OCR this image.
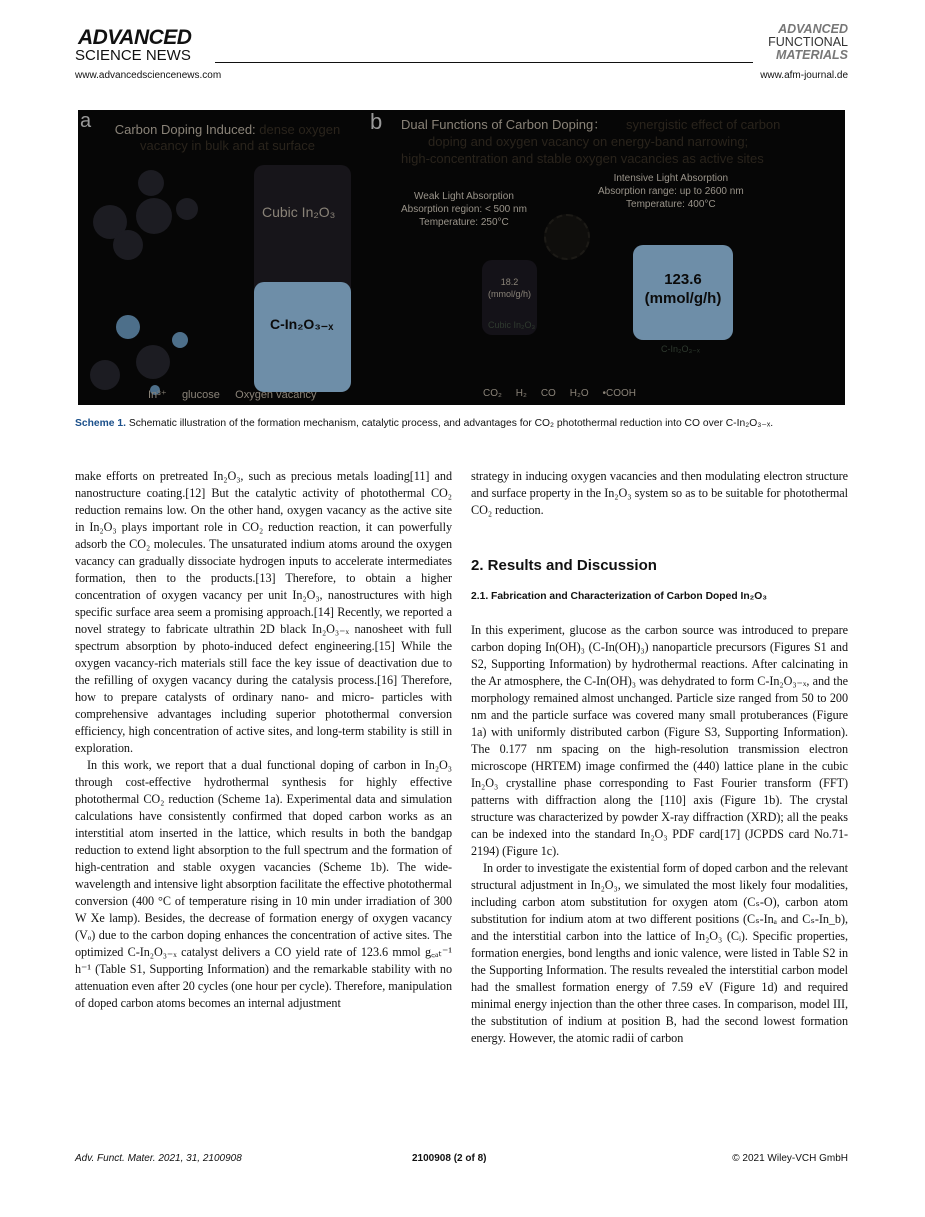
ADVANCED
SCIENCE NEWS
ADVANCED
FUNCTIONAL
MATERIALS
www.advancedsciencenews.com	www.afm-journal.de
a	Carbon Doping Induced: dense oxygen vacancy in bulk and at surface
Cubic In₂O₃
C-In₂O₃₋ₓ
In³⁺ glucose Oxygen vacancy
b Dual Functions of Carbon Doping： synergistic effect of carbon
doping and oxygen vacancy on energy-band narrowing;
high-concentration and stable oxygen vacancies as active sites
Weak Light Absorption
Absorption region: < 500 nm
Temperature: 250°C
Intensive Light Absorption
Absorption range: up to 2600 nm
Temperature: 400°C
18.2
(mmol/g/h)
Cubic In₂O₃
123.6
(mmol/g/h)
C-In₂O₃₋ₓ
CO₂ H₂ CO H₂O •COOH
Scheme 1. Schematic illustration of the formation mechanism, catalytic process, and advantages for CO₂ photothermal reduction into CO over C-In₂O₃₋ₓ.

make efforts on pretreated In₂O₃, such as precious metals loading[11] and nanostructure coating.[12] But the catalytic activity of photothermal CO₂ reduction remains low. On the other hand, oxygen vacancy as the active site in In₂O₃ plays important role in CO₂ reduction reaction, it can powerfully adsorb the CO₂ molecules. The unsaturated indium atoms around the oxygen vacancy can gradually dissociate hydrogen inputs to accelerate intermediates formation, then to the products.[13] Therefore, to obtain a higher concentration of oxygen vacancy per unit In₂O₃, nanostructures with high specific surface area seem a promising approach.[14] Recently, we reported a novel strategy to fabricate ultrathin 2D black In₂O₃₋ₓ nanosheet with full spectrum absorption by photo-induced defect engineering.[15] While the oxygen vacancy-rich materials still face the key issue of deactivation due to the refilling of oxygen vacancy during the catalysis process.[16] Therefore, how to prepare catalysts of ordinary nano- and micro- particles with comprehensive advantages including superior photothermal conversion efficiency, high concentration of active sites, and long-term stability is still in exploration.

In this work, we report that a dual functional doping of carbon in In₂O₃ through cost-effective hydrothermal synthesis for highly effective photothermal CO₂ reduction (Scheme 1a). Experimental data and simulation calculations have consistently confirmed that doped carbon works as an interstitial atom inserted in the lattice, which results in both the bandgap reduction to extend light absorption to the full spectrum and the formation of high-centration and stable oxygen vacancies (Scheme 1b). The wide-wavelength and intensive light absorption facilitate the effective photothermal conversion (400 °C of temperature rising in 10 min under irradiation of 300 W Xe lamp). Besides, the decrease of formation energy of oxygen vacancy (Vₒ) due to the carbon doping enhances the concentration of active sites. The optimized C-In₂O₃₋ₓ catalyst delivers a CO yield rate of 123.6 mmol g꜀ₐₜ⁻¹ h⁻¹ (Table S1, Supporting Information) and the remarkable stability with no attenuation even after 20 cycles (one hour per cycle). Therefore, manipulation of doped carbon atoms becomes an internal adjustment

strategy in inducing oxygen vacancies and then modulating electron structure and surface property in the In₂O₃ system so as to be suitable for photothermal CO₂ reduction.

2. Results and Discussion
2.1. Fabrication and Characterization of Carbon Doped In₂O₃

In this experiment, glucose as the carbon source was introduced to prepare carbon doping In(OH)₃ (C-In(OH)₃) nanoparticle precursors (Figures S1 and S2, Supporting Information) by hydrothermal reactions. After calcinating in the Ar atmosphere, the C-In(OH)₃ was dehydrated to form C-In₂O₃₋ₓ, and the morphology remained almost unchanged. Particle size ranged from 50 to 200 nm and the particle surface was covered many small protuberances (Figure 1a) with uniformly distributed carbon (Figure S3, Supporting Information). The 0.177 nm spacing on the high-resolution transmission electron microscope (HRTEM) image confirmed the (440) lattice plane in the cubic In₂O₃ crystalline phase corresponding to Fast Fourier transform (FFT) patterns with diffraction along the [110] axis (Figure 1b). The crystal structure was characterized by powder X-ray diffraction (XRD); all the peaks can be indexed into the standard In₂O₃ PDF card[17] (JCPDS card No.71-2194) (Figure 1c).

In order to investigate the existential form of doped carbon and the relevant structural adjustment in In₂O₃, we simulated the most likely four modalities, including carbon atom substitution for oxygen atom (Cₛ-O), carbon atom substitution for indium atom at two different positions (Cₛ-Inₐ and Cₛ-In_b), and the interstitial carbon into the lattice of In₂O₃ (Cᵢ). Specific properties, formation energies, bond lengths and ionic valence, were listed in Table S2 in the Supporting Information. The results revealed the interstitial carbon model had the smallest formation energy of 7.59 eV (Figure 1d) and required minimal energy injection than the other three cases. In comparison, model III, the substitution of indium at position B, had the second lowest formation energy. However, the atomic radii of carbon

Adv. Funct. Mater. 2021, 31, 2100908	2100908 (2 of 8)	© 2021 Wiley-VCH GmbH
